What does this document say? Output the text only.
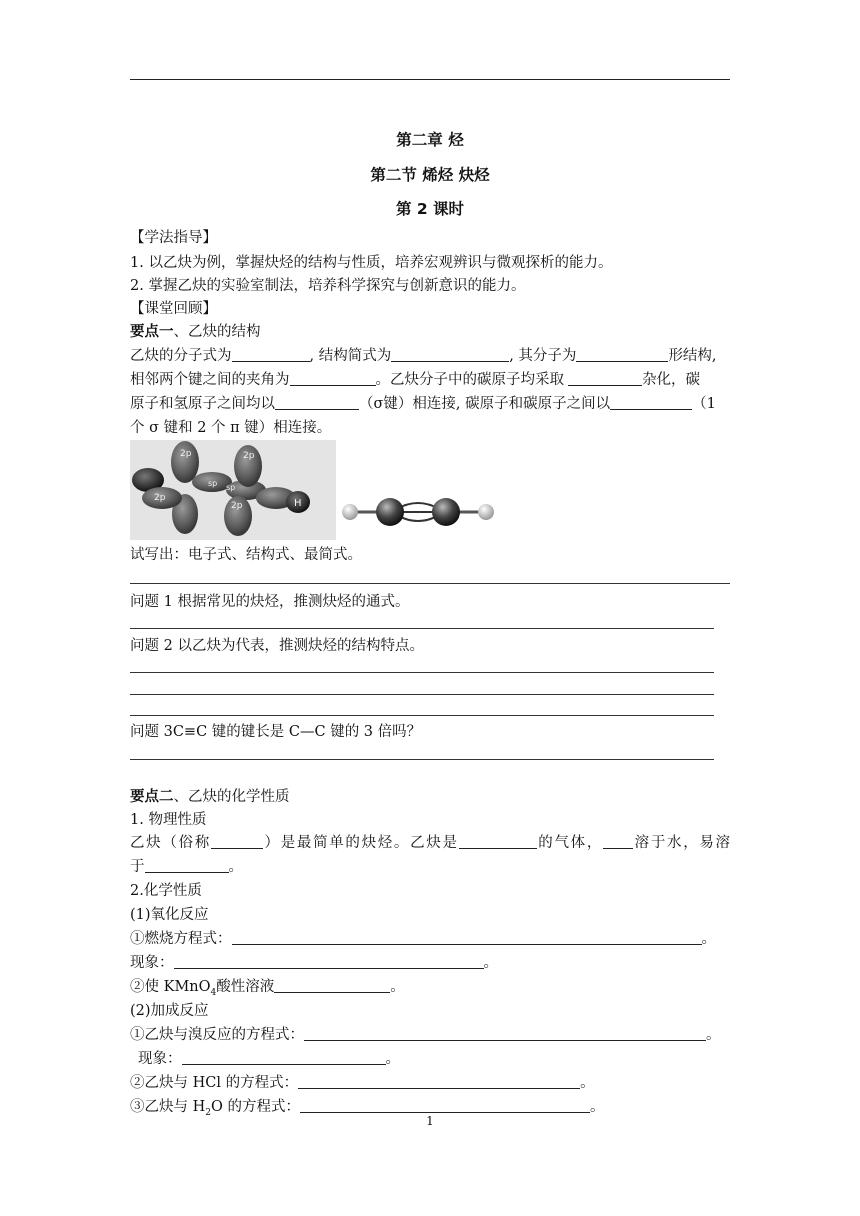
第二章 烃
第二节 烯烃 炔烃
第 2 课时
【学法指导】
1. 以乙炔为例，掌握炔烃的结构与性质，培养宏观辨识与微观探析的能力。
2. 掌握乙炔的实验室制法，培养科学探究与创新意识的能力。
【课堂回顾】
要点一、乙炔的结构
乙炔的分子式为	, 结构简式为	, 其分子为	形结构,
相邻两个键之间的夹角为	。乙炔分子中的碳原子均采取	杂化，碳
原子和氢原子之间均以	（σ键）相连接, 碳原子和碳原子之间以	（1
个 σ 键和 2 个 π 键）相连接。
2p	2p
2p
2p
sp sp
H
试写出：电子式、结构式、最简式。
问题 1 根据常见的炔烃，推测炔烃的通式。
问题 2 以乙炔为代表，推测炔烃的结构特点。
问题 3C≡C 键的键长是 C—C 键的 3 倍吗？
要点二、乙炔的化学性质
1. 物理性质
乙炔（俗称	）是最简单的炔烃。乙炔是	的气体， 溶于水，易溶
于	。
2.化学性质
(1)氧化反应
①燃烧方程式：	。
现象：	。
②使 KMnO$_4$酸性溶液	。
(2)加成反应
①乙炔与溴反应的方程式：	。
现象：	。
②乙炔与 HCl 的方程式：	。
③乙炔与 $H_2O$ 的方程式：	。
1
